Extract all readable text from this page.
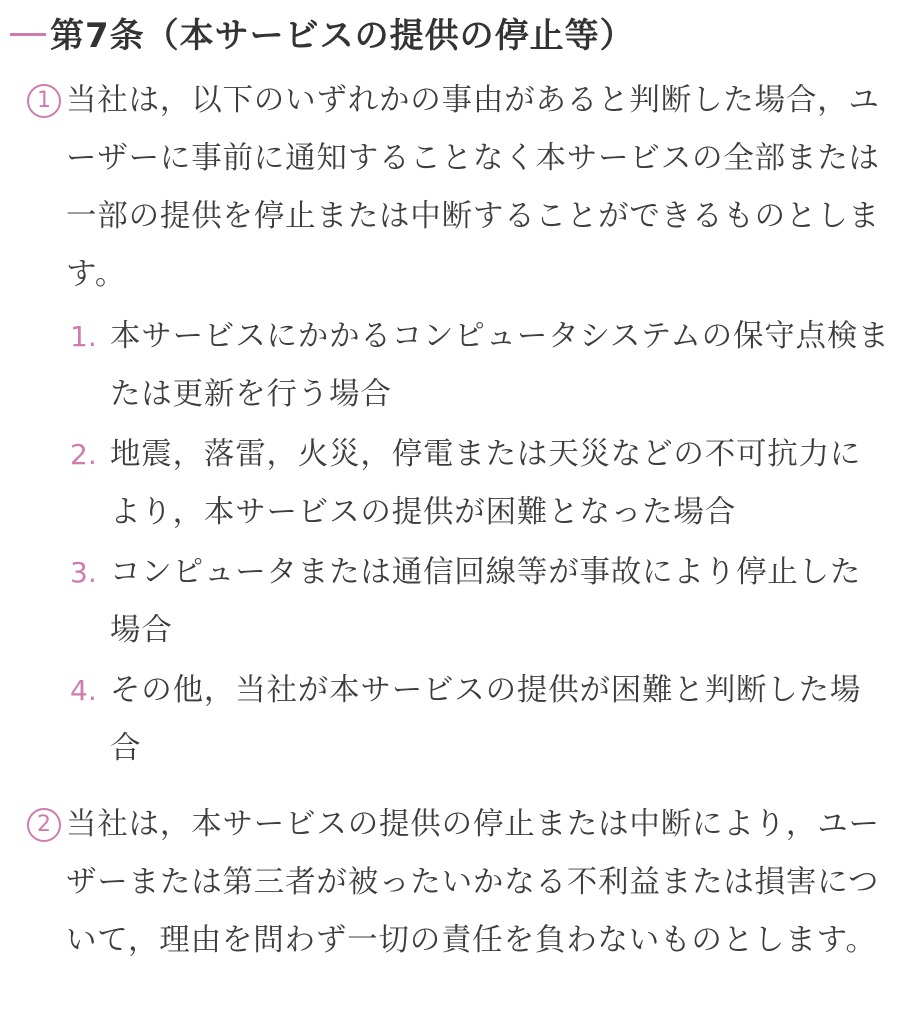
第7条（本サービスの提供の停止等）
1 当社は，以下のいずれかの事由があると判断した場合，ユーザーに事前に通知することなく本サービスの全部または一部の提供を停止または中断することができるものとします。
1. 本サービスにかかるコンピュータシステムの保守点検または更新を行う場合
2. 地震，落雷，火災，停電または天災などの不可抗力により，本サービスの提供が困難となった場合
3. コンピュータまたは通信回線等が事故により停止した場合
4. その他，当社が本サービスの提供が困難と判断した場合
2 当社は，本サービスの提供の停止または中断により，ユーザーまたは第三者が被ったいかなる不利益または損害について，理由を問わず一切の責任を負わないものとします。
